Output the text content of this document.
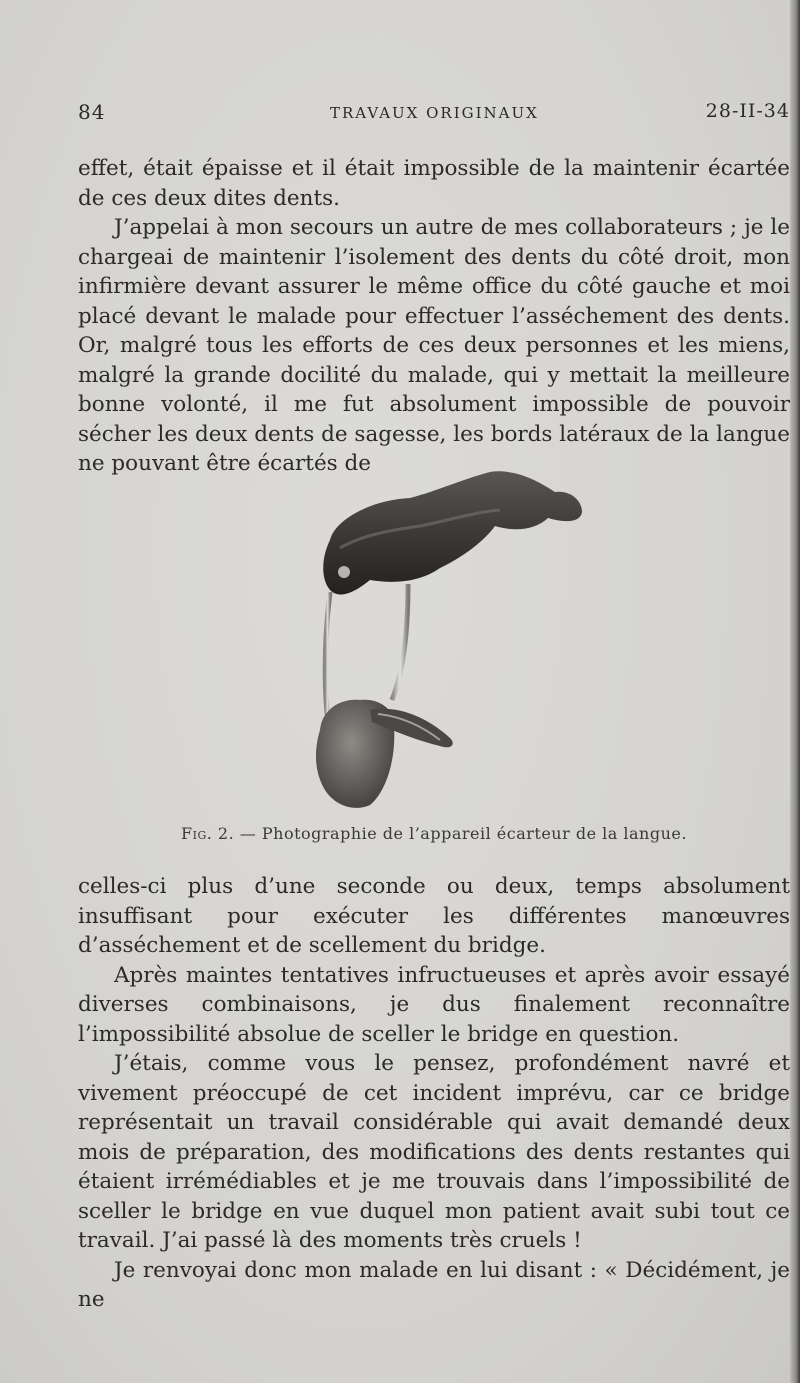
84	TRAVAUX ORIGINAUX	28-II-34

effet, était épaisse et il était impossible de la maintenir écartée de ces deux dites dents.

J’appelai à mon secours un autre de mes collaborateurs ; je le chargeai de maintenir l’isolement des dents du côté droit, mon infirmière devant assurer le même office du côté gauche et moi placé devant le malade pour effectuer l’asséchement des dents. Or, malgré tous les efforts de ces deux personnes et les miens, malgré la grande docilité du malade, qui y mettait la meilleure bonne volonté, il me fut absolument impossible de pouvoir sécher les deux dents de sagesse, les bords latéraux de la langue ne pouvant être écartés de

Fig. 2. — Photographie de l’appareil écarteur de la langue.

celles-ci plus d’une seconde ou deux, temps absolument insuffisant pour exécuter les différentes manœuvres d’asséchement et de scellement du bridge.

Après maintes tentatives infructueuses et après avoir essayé diverses combinaisons, je dus finalement reconnaître l’impossibilité absolue de sceller le bridge en question.

J’étais, comme vous le pensez, profondément navré et vivement préoccupé de cet incident imprévu, car ce bridge représentait un travail considérable qui avait demandé deux mois de préparation, des modifications des dents restantes qui étaient irrémédiables et je me trouvais dans l’impossibilité de sceller le bridge en vue duquel mon patient avait subi tout ce travail. J’ai passé là des moments très cruels !

Je renvoyai donc mon malade en lui disant : « Décidément, je ne
